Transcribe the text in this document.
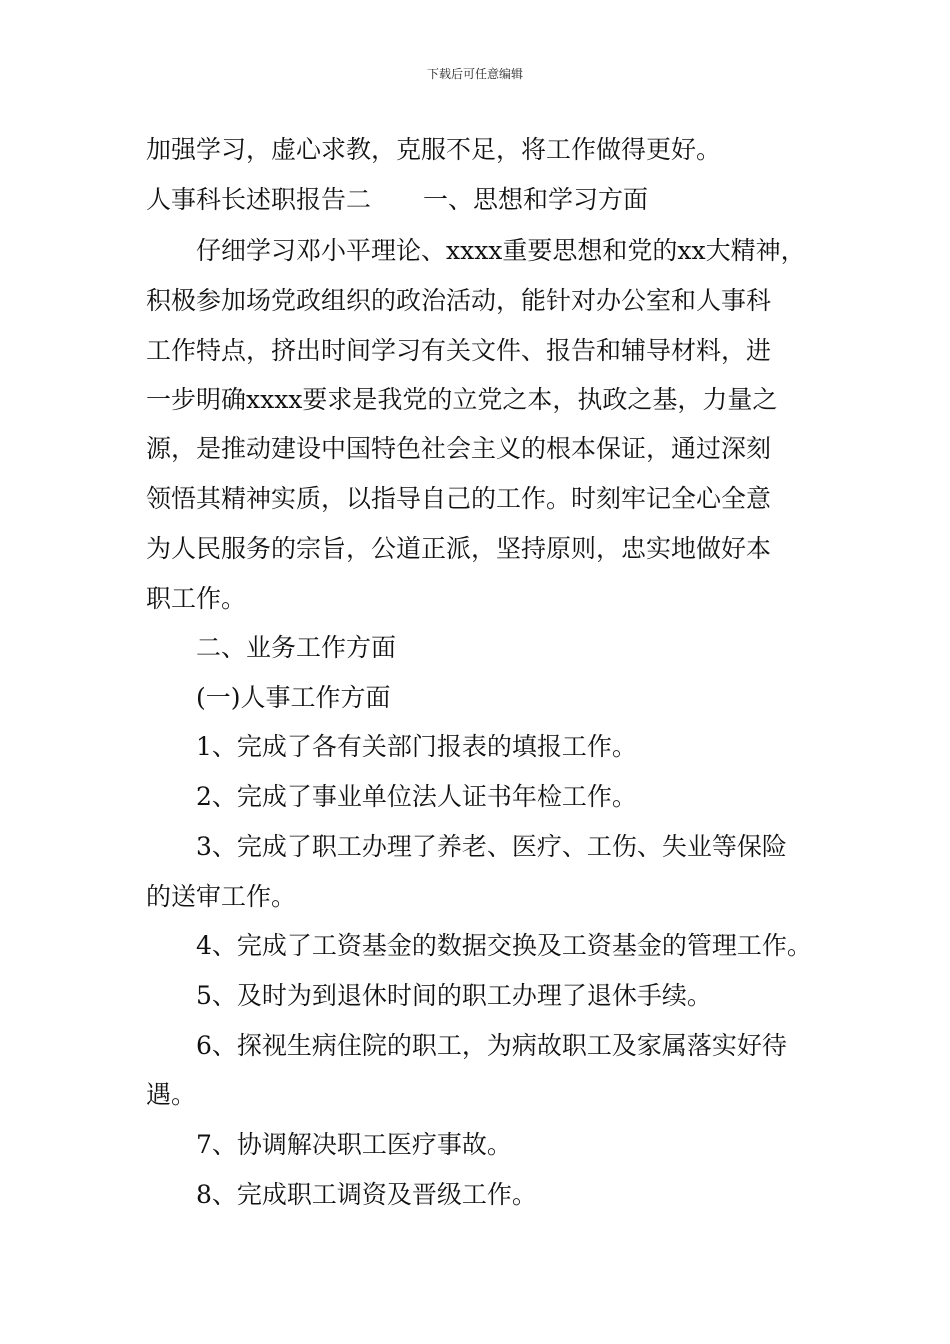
下载后可任意编辑
加强学习，虚心求教，克服不足，将工作做得更好。
人事科长述职报告二 一、思想和学习方面
仔细学习邓小平理论、xxxx重要思想和党的xx大精神，
积极参加场党政组织的政治活动，能针对办公室和人事科
工作特点，挤出时间学习有关文件、报告和辅导材料，进
一步明确xxxx要求是我党的立党之本，执政之基，力量之
源，是推动建设中国特色社会主义的根本保证，通过深刻
领悟其精神实质，以指导自己的工作。时刻牢记全心全意
为人民服务的宗旨，公道正派，坚持原则，忠实地做好本
职工作。
二、业务工作方面
(一)人事工作方面
1、完成了各有关部门报表的填报工作。
2、完成了事业单位法人证书年检工作。
3、完成了职工办理了养老、医疗、工伤、失业等保险
的送审工作。
4、完成了工资基金的数据交换及工资基金的管理工作。
5、及时为到退休时间的职工办理了退休手续。
6、探视生病住院的职工，为病故职工及家属落实好待
遇。
7、协调解决职工医疗事故。
8、完成职工调资及晋级工作。
